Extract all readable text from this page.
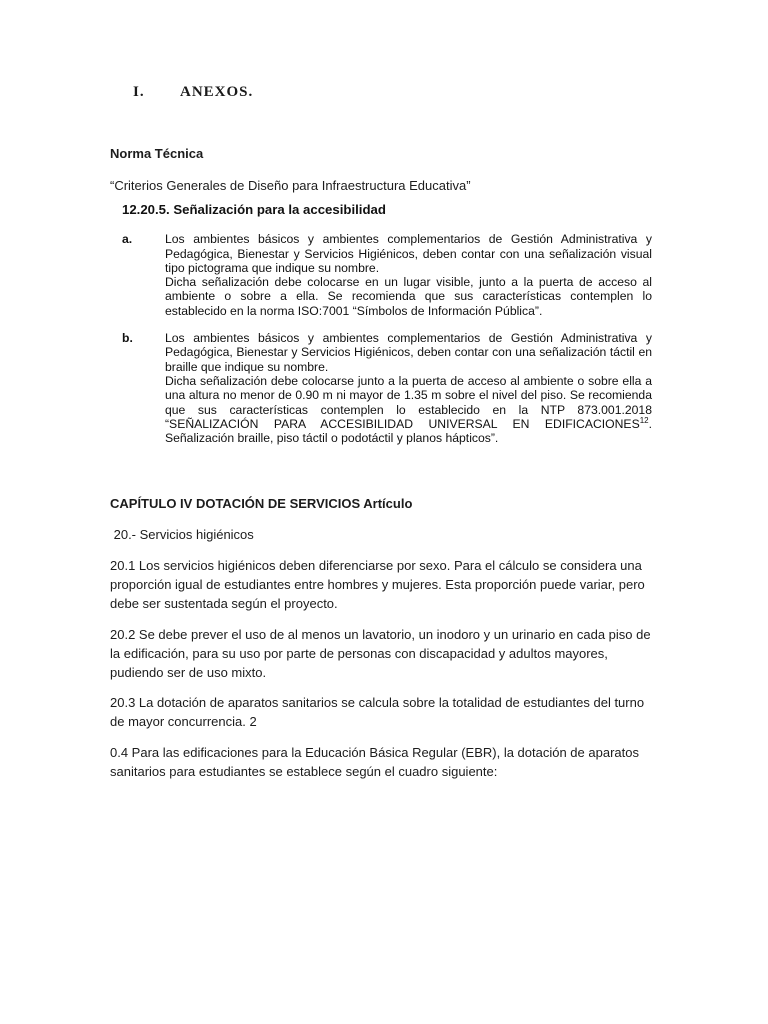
I. ANEXOS.
Norma Técnica
“Criterios Generales de Diseño para Infraestructura Educativa”
12.20.5. Señalización para la accesibilidad
a.	Los ambientes básicos y ambientes complementarios de Gestión Administrativa y Pedagógica, Bienestar y Servicios Higiénicos, deben contar con una señalización visual tipo pictograma que indique su nombre.
Dicha señalización debe colocarse en un lugar visible, junto a la puerta de acceso al ambiente o sobre a ella. Se recomienda que sus características contemplen lo establecido en la norma ISO:7001 “Símbolos de Información Pública”.
b.	Los ambientes básicos y ambientes complementarios de Gestión Administrativa y Pedagógica, Bienestar y Servicios Higiénicos, deben contar con una señalización táctil en braille que indique su nombre.
Dicha señalización debe colocarse junto a la puerta de acceso al ambiente o sobre ella a una altura no menor de 0.90 m ni mayor de 1.35 m sobre el nivel del piso. Se recomienda que sus características contemplen lo establecido en la NTP 873.001.2018 “SEÑALIZACIÓN PARA ACCESIBILIDAD UNIVERSAL EN EDIFICACIONES$^{12}$. Señalización braille, piso táctil o podotáctil y planos hápticos”.
CAPÍTULO IV DOTACIÓN DE SERVICIOS Artículo
20.- Servicios higiénicos
20.1 Los servicios higiénicos deben diferenciarse por sexo. Para el cálculo se considera una proporción igual de estudiantes entre hombres y mujeres. Esta proporción puede variar, pero debe ser sustentada según el proyecto.
20.2 Se debe prever el uso de al menos un lavatorio, un inodoro y un urinario en cada piso de la edificación, para su uso por parte de personas con discapacidad y adultos mayores, pudiendo ser de uso mixto.
20.3 La dotación de aparatos sanitarios se calcula sobre la totalidad de estudiantes del turno de mayor concurrencia. 2
0.4 Para las edificaciones para la Educación Básica Regular (EBR), la dotación de aparatos sanitarios para estudiantes se establece según el cuadro siguiente:
